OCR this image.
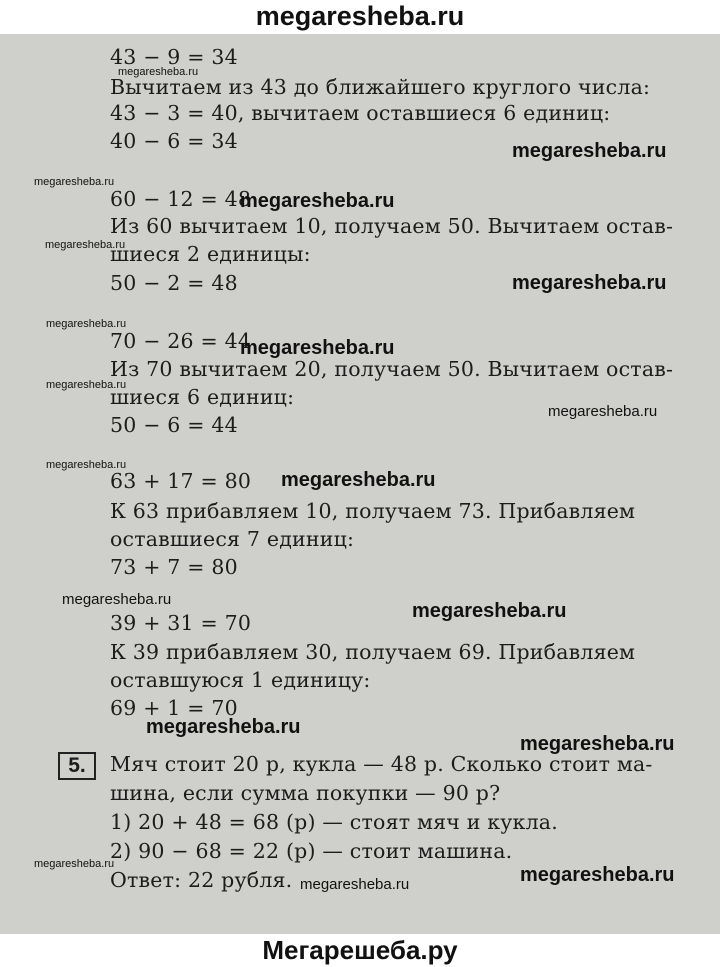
megaresheba.ru
43 − 9 = 34
Вычитаем из 43 до ближайшего круглого числа:
43 − 3 = 40, вычитаем оставшиеся 6 единиц:
40 − 6 = 34
60 − 12 = 48
Из 60 вычитаем 10, получаем 50. Вычитаем остав-
шиеся 2 единицы:
50 − 2 = 48
70 − 26 = 44
Из 70 вычитаем 20, получаем 50. Вычитаем остав-
шиеся 6 единиц:
50 − 6 = 44
63 + 17 = 80
К 63 прибавляем 10, получаем 73. Прибавляем
оставшиеся 7 единиц:
73 + 7 = 80
39 + 31 = 70
К 39 прибавляем 30, получаем 69. Прибавляем
оставшуюся 1 единицу:
69 + 1 = 70
5.	Мяч стоит 20 р, кукла — 48 р. Сколько стоит ма-
шина, если сумма покупки — 90 р?
1) 20 + 48 = 68 (р) — стоят мяч и кукла.
2) 90 − 68 = 22 (р) — стоит машина.
Ответ: 22 рубля.
megaresheba.ru
megaresheba.ru
megaresheba.ru
megaresheba.ru
megaresheba.ru
megaresheba.ru
megaresheba.ru
megaresheba.ru
megaresheba.ru
megaresheba.ru
megaresheba.ru
megaresheba.ru
megaresheba.ru
megaresheba.ru
megaresheba.ru
megaresheba.ru
megaresheba.ru
megaresheba.ru	megaresheba.ru
Мегарешеба.ру
